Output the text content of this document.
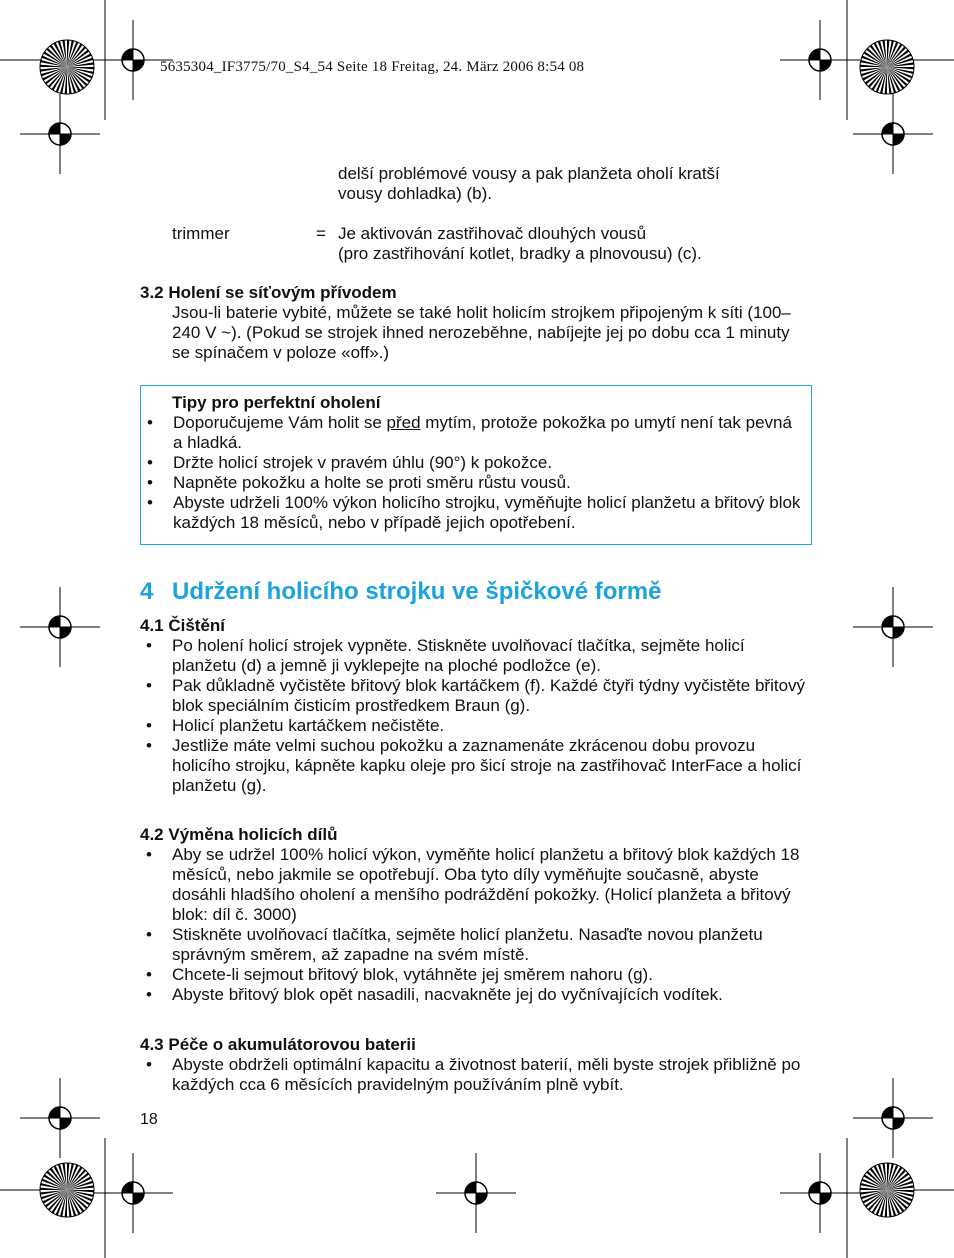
5635304_IF3775/70_S4_54 Seite 18 Freitag, 24. März 2006 8:54 08
delší problémové vousy a pak planžeta oholí kratší
vousy dohladka) (b).
trimmer	= Je aktivován zastřihovač dlouhých vousů
(pro zastřihování kotlet, bradky a plnovousu) (c).
3.2 Holení se síťovým přívodem
Jsou-li baterie vybité, můžete se také holit holicím strojkem připojeným k síti (100–240 V ~). (Pokud se strojek ihned nerozeběhne, nabíjejte jej po dobu cca 1 minuty se spínačem v poloze «off».)
Tipy pro perfektní oholení
• Doporučujeme Vám holit se před mytím, protože pokožka po umytí není tak pevná a hladká.
• Držte holicí strojek v pravém úhlu (90°) k pokožce.
• Napněte pokožku a holte se proti směru růstu vousů.
• Abyste udrželi 100% výkon holicího strojku, vyměňujte holicí planžetu a břitový blok každých 18 měsíců, nebo v případě jejich opotřebení.
4 Udržení holicího strojku ve špičkové formě
4.1 Čištění
• Po holení holicí strojek vypněte. Stiskněte uvolňovací tlačítka, sejměte holicí planžetu (d) a jemně ji vyklepejte na ploché podložce (e).
• Pak důkladně vyčistěte břitový blok kartáčkem (f). Každé čtyři týdny vyčistěte břitový blok speciálním čisticím prostředkem Braun (g).
• Holicí planžetu kartáčkem nečistěte.
• Jestliže máte velmi suchou pokožku a zaznamenáte zkrácenou dobu provozu holicího strojku, kápněte kapku oleje pro šicí stroje na zastřihovač InterFace a holicí planžetu (g).
4.2 Výměna holicích dílů
• Aby se udržel 100% holicí výkon, vyměňte holicí planžetu a břitový blok každých 18 měsíců, nebo jakmile se opotřebují. Oba tyto díly vyměňujte současně, abyste dosáhli hladšího oholení a menšího podráždění pokožky. (Holicí planžeta a břitový blok: díl č. 3000)
• Stiskněte uvolňovací tlačítka, sejměte holicí planžetu. Nasaďte novou planžetu správným směrem, až zapadne na svém místě.
• Chcete-li sejmout břitový blok, vytáhněte jej směrem nahoru (g).
• Abyste břitový blok opět nasadili, nacvakněte jej do vyčnívajících vodítek.
4.3 Péče o akumulátorovou baterii
• Abyste obdrželi optimální kapacitu a životnost baterií, měli byste strojek přibližně po každých cca 6 měsících pravidelným používáním plně vybít.
18
